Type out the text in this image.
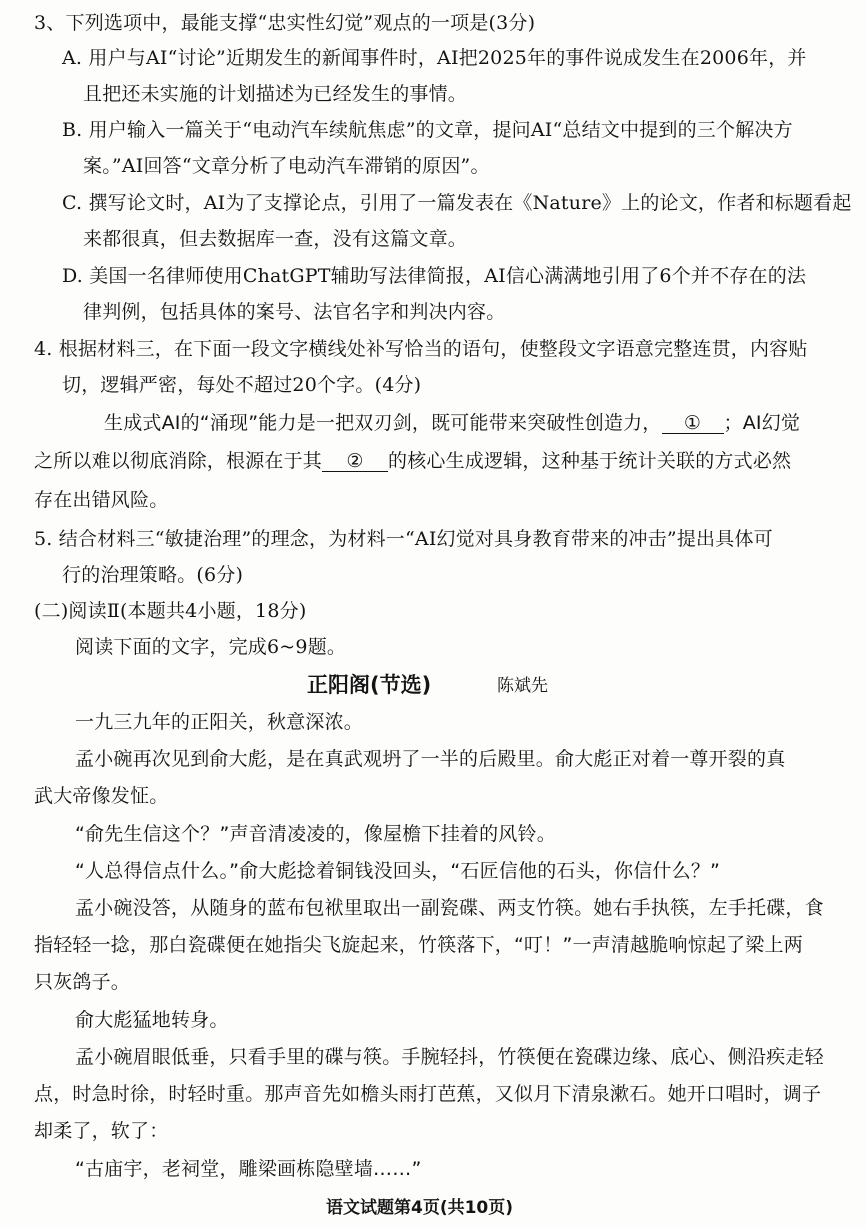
3、下列选项中，最能支撑“忠实性幻觉”观点的一项是(3分)
A. 用户与AI“讨论”近期发生的新闻事件时，AI把2025年的事件说成发生在2006年，并
且把还未实施的计划描述为已经发生的事情。
B. 用户输入一篇关于“电动汽车续航焦虑”的文章，提问AI“总结文中提到的三个解决方
案。”AI回答“文章分析了电动汽车滞销的原因”。
C. 撰写论文时，AI为了支撑论点，引用了一篇发表在《Nature》上的论文，作者和标题看起
来都很真，但去数据库一查，没有这篇文章。
D. 美国一名律师使用ChatGPT辅助写法律简报，AI信心满满地引用了6个并不存在的法
律判例，包括具体的案号、法官名字和判决内容。
4. 根据材料三，在下面一段文字横线处补写恰当的语句，使整段文字语意完整连贯，内容贴
切，逻辑严密，每处不超过20个字。(4分)
生成式AI的“涌现”能力是一把双刃剑，既可能带来突破性创造力， ① ；AI幻觉
之所以难以彻底消除，根源在于其 ② 的核心生成逻辑，这种基于统计关联的方式必然
存在出错风险。
5. 结合材料三“敏捷治理”的理念，为材料一“AI幻觉对具身教育带来的冲击”提出具体可
行的治理策略。(6分)
(二)阅读Ⅱ(本题共4小题，18分)
阅读下面的文字，完成6~9题。
正阳阁(节选)	陈斌先
一九三九年的正阳关，秋意深浓。
孟小碗再次见到俞大彪，是在真武观坍了一半的后殿里。俞大彪正对着一尊开裂的真
武大帝像发怔。
“俞先生信这个？”声音清凌凌的，像屋檐下挂着的风铃。
“人总得信点什么。”俞大彪捻着铜钱没回头，“石匠信他的石头，你信什么？”
孟小碗没答，从随身的蓝布包袱里取出一副瓷碟、两支竹筷。她右手执筷，左手托碟，食
指轻轻一捻，那白瓷碟便在她指尖飞旋起来，竹筷落下，“叮！”一声清越脆响惊起了梁上两
只灰鸽子。
俞大彪猛地转身。
孟小碗眉眼低垂，只看手里的碟与筷。手腕轻抖，竹筷便在瓷碟边缘、底心、侧沿疾走轻
点，时急时徐，时轻时重。那声音先如檐头雨打芭蕉，又似月下清泉漱石。她开口唱时，调子
却柔了，软了：
“古庙宇，老祠堂，雕梁画栋隐壁墙……”
语文试题第4页(共10页)
